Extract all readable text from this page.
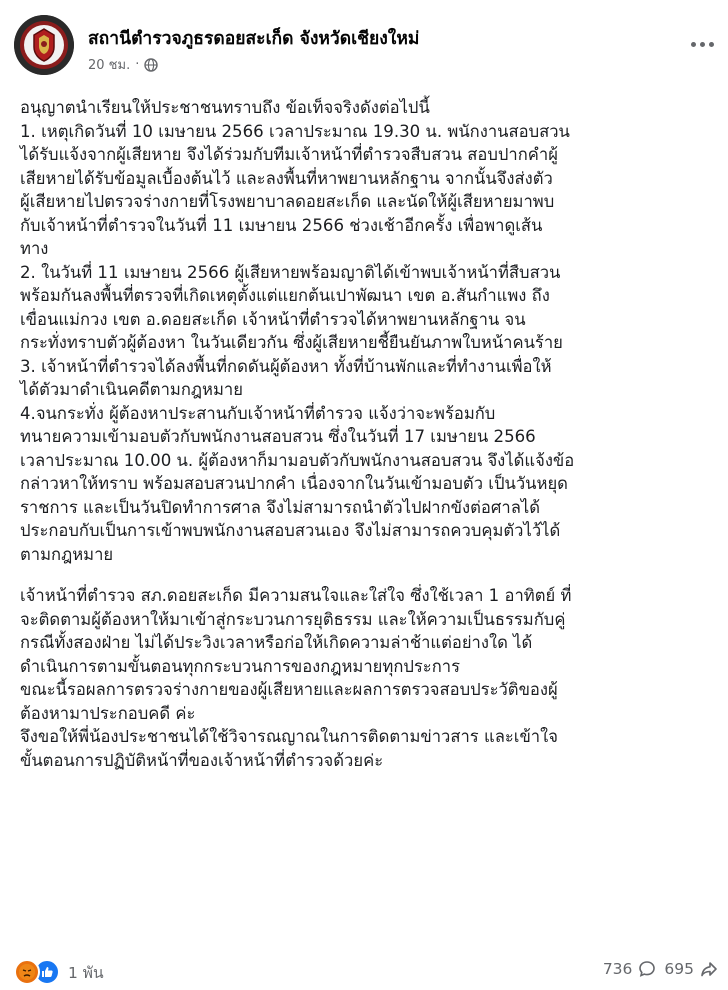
สถานีตำรวจภูธรดอยสะเก็ด จังหวัดเชียงใหม่
20 ชม. ·
อนุญาตนำเรียนให้ประชาชนทราบถึง ข้อเท็จจริงดังต่อไปนี้
1. เหตุเกิดวันที่ 10 เมษายน 2566 เวลาประมาณ 19.30 น. พนักงานสอบสวน
ได้รับแจ้งจากผู้เสียหาย จึงได้ร่วมกับทีมเจ้าหน้าที่ตำรวจสืบสวน สอบปากคำผู้
เสียหายได้รับข้อมูลเบื้องต้นไว้ และลงพื้นที่หาพยานหลักฐาน จากนั้นจึงส่งตัว
ผู้เสียหายไปตรวจร่างกายที่โรงพยาบาลดอยสะเก็ด และนัดให้ผู้เสียหายมาพบ
กับเจ้าหน้าที่ตำรวจในวันที่ 11 เมษายน 2566 ช่วงเช้าอีกครั้ง เพื่อพาดูเส้น
ทาง
2. ในวันที่ 11 เมษายน 2566 ผู้เสียหายพร้อมญาติได้เข้าพบเจ้าหน้าที่สืบสวน
พร้อมกันลงพื้นที่ตรวจที่เกิดเหตุตั้งแต่แยกต้นเปาพัฒนา เขต อ.สันกำแพง ถึง
เขื่อนแม่กวง เขต อ.ดอยสะเก็ด เจ้าหน้าที่ตำรวจได้หาพยานหลักฐาน จน
กระทั่งทราบตัวผู้ต้องหา ในวันเดียวกัน ซึ่งผู้เสียหายชี้ยืนยันภาพใบหน้าคนร้าย
3. เจ้าหน้าที่ตำรวจได้ลงพื้นที่กดดันผู้ต้องหา ทั้งที่บ้านพักและที่ทำงานเพื่อให้
ได้ตัวมาดำเนินคดีตามกฎหมาย
4.จนกระทั่ง ผู้ต้องหาประสานกับเจ้าหน้าที่ตำรวจ แจ้งว่าจะพร้อมกับ
ทนายความเข้ามอบตัวกับพนักงานสอบสวน ซึ่งในวันที่ 17 เมษายน 2566
เวลาประมาณ 10.00 น. ผู้ต้องหาก็มามอบตัวกับพนักงานสอบสวน จึงได้แจ้งข้อ
กล่าวหาให้ทราบ พร้อมสอบสวนปากคำ เนื่องจากในวันเข้ามอบตัว เป็นวันหยุด
ราชการ และเป็นวันปิดทำการศาล จึงไม่สามารถนำตัวไปฝากขังต่อศาลได้
ประกอบกับเป็นการเข้าพบพนักงานสอบสวนเอง จึงไม่สามารถควบคุมตัวไว้ได้
ตามกฎหมาย
เจ้าหน้าที่ตำรวจ สภ.ดอยสะเก็ด มีความสนใจและใส่ใจ ซึ่งใช้เวลา 1 อาทิตย์ ที่
จะติดตามผู้ต้องหาให้มาเข้าสู่กระบวนการยุติธรรม และให้ความเป็นธรรมกับคู่
กรณีทั้งสองฝ่าย ไม่ได้ประวิงเวลาหรือก่อให้เกิดความล่าช้าแต่อย่างใด ได้
ดำเนินการตามขั้นตอนทุกกระบวนการของกฎหมายทุกประการ
ขณะนี้รอผลการตรวจร่างกายของผู้เสียหายและผลการตรวจสอบประวัติของผู้
ต้องหามาประกอบคดี ค่ะ
จึงขอให้พี่น้องประชาชนได้ใช้วิจารณญาณในการติดตามข่าวสาร และเข้าใจ
ขั้นตอนการปฏิบัติหน้าที่ของเจ้าหน้าที่ตำรวจด้วยค่ะ
1 พัน	736 695
